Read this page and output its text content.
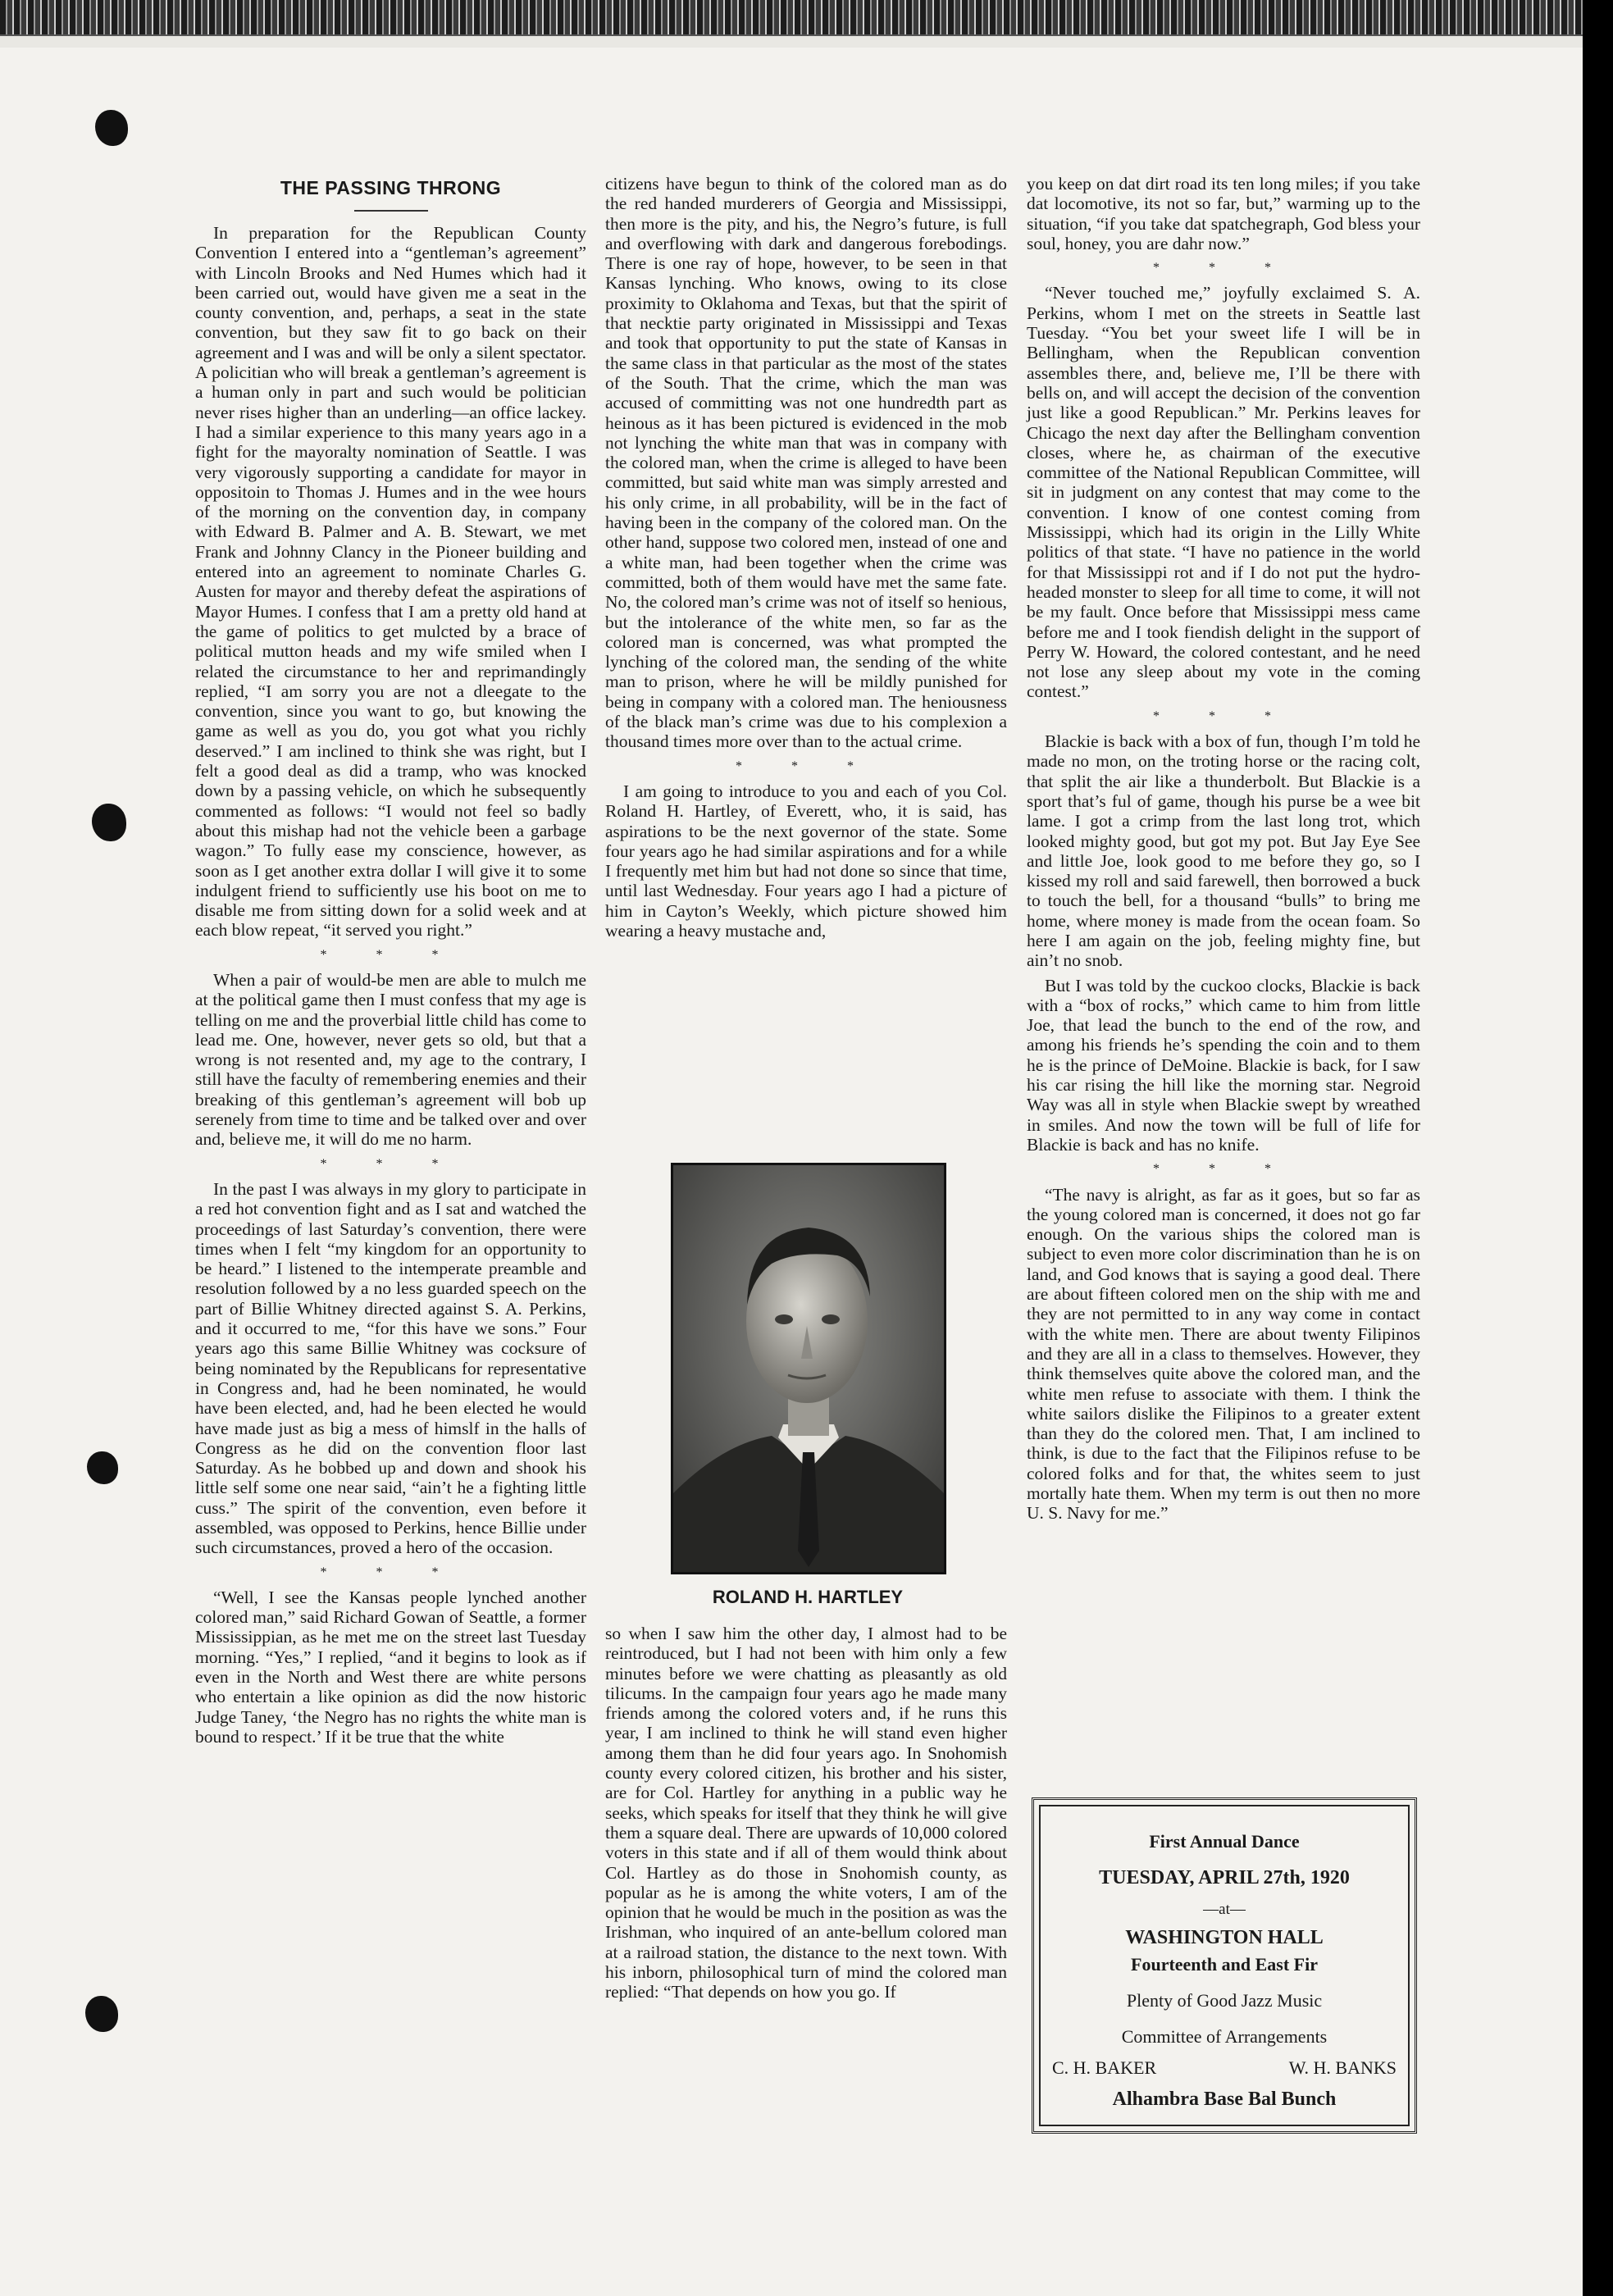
THE PASSING THRONG

In preparation for the Republican County Convention I entered into a “gentleman’s agreement” with Lincoln Brooks and Ned Humes which had it been carried out, would have given me a seat in the county convention, and, perhaps, a seat in the state convention, but they saw fit to go back on their agreement and I was and will be only a silent spectator. A policitian who will break a gentleman’s agreement is a human only in part and such would be politician never rises higher than an underling—an office lackey. I had a similar experience to this many years ago in a fight for the mayoralty nomination of Seattle. I was very vigorously supporting a candidate for mayor in oppositoin to Thomas J. Humes and in the wee hours of the morning on the convention day, in company with Edward B. Palmer and A. B. Stewart, we met Frank and Johnny Clancy in the Pioneer building and entered into an agreement to nominate Charles G. Austen for mayor and thereby defeat the aspirations of Mayor Humes. I confess that I am a pretty old hand at the game of politics to get mulcted by a brace of political mutton heads and my wife smiled when I related the circumstance to her and reprimandingly replied, “I am sorry you are not a dleegate to the convention, since you want to go, but knowing the game as well as you do, you got what you richly deserved.” I am inclined to think she was right, but I felt a good deal as did a tramp, who was knocked down by a passing vehicle, on which he subsequently commented as follows: “I would not feel so badly about this mishap had not the vehicle been a garbage wagon.” To fully ease my conscience, however, as soon as I get another extra dollar I will give it to some indulgent friend to sufficiently use his boot on me to disable me from sitting down for a solid week and at each blow repeat, “it served you right.”

* * *

When a pair of would-be men are able to mulch me at the political game then I must confess that my age is telling on me and the proverbial little child has come to lead me. One, however, never gets so old, but that a wrong is not resented and, my age to the contrary, I still have the faculty of remembering enemies and their breaking of this gentleman’s agreement will bob up serenely from time to time and be talked over and over and, believe me, it will do me no harm.

* * *

In the past I was always in my glory to participate in a red hot convention fight and as I sat and watched the proceedings of last Saturday’s convention, there were times when I felt “my kingdom for an opportunity to be heard.” I listened to the intemperate preamble and resolution followed by a no less guarded speech on the part of Billie Whitney directed against S. A. Perkins, and it occurred to me, “for this have we sons.” Four years ago this same Billie Whitney was cocksure of being nominated by the Republicans for representative in Congress and, had he been nominated, he would have been elected, and, had he been elected he would have made just as big a mess of himslf in the halls of Congress as he did on the convention floor last Saturday. As he bobbed up and down and shook his little self some one near said, “ain’t he a fighting little cuss.” The spirit of the convention, even before it assembled, was opposed to Perkins, hence Billie under such circumstances, proved a hero of the occasion.

* * *

“Well, I see the Kansas people lynched another colored man,” said Richard Gowan of Seattle, a former Mississippian, as he met me on the street last Tuesday morning. “Yes,” I replied, “and it begins to look as if even in the North and West there are white persons who entertain a like opinion as did the now historic Judge Taney, ‘the Negro has no rights the white man is bound to respect.’ If it be true that the white

citizens have begun to think of the colored man as do the red handed murderers of Georgia and Mississippi, then more is the pity, and his, the Negro’s future, is full and overflowing with dark and dangerous forebodings. There is one ray of hope, however, to be seen in that Kansas lynching. Who knows, owing to its close proximity to Oklahoma and Texas, but that the spirit of that necktie party originated in Mississippi and Texas and took that opportunity to put the state of Kansas in the same class in that particular as the most of the states of the South. That the crime, which the man was accused of committing was not one hundredth part as heinous as it has been pictured is evidenced in the mob not lynching the white man that was in company with the colored man, when the crime is alleged to have been committed, but said white man was simply arrested and his only crime, in all probability, will be in the fact of having been in the company of the colored man. On the other hand, suppose two colored men, instead of one and a white man, had been together when the crime was committed, both of them would have met the same fate. No, the colored man’s crime was not of itself so henious, but the intolerance of the white men, so far as the colored man is concerned, was what prompted the lynching of the colored man, the sending of the white man to prison, where he will be mildly punished for being in company with a colored man. The heniousness of the black man’s crime was due to his complexion a thousand times more over than to the actual crime.

* * *

I am going to introduce to you and each of you Col. Roland H. Hartley, of Everett, who, it is said, has aspirations to be the next governor of the state. Some four years ago he had similar aspirations and for a while I frequently met him but had not done so since that time, until last Wednesday. Four years ago I had a picture of him in Cayton’s Weekly, which picture showed him wearing a heavy mustache and,

ROLAND H. HARTLEY

so when I saw him the other day, I almost had to be reintroduced, but I had not been with him only a few minutes before we were chatting as pleasantly as old tilicums. In the campaign four years ago he made many friends among the colored voters and, if he runs this year, I am inclined to think he will stand even higher among them than he did four years ago. In Snohomish county every colored citizen, his brother and his sister, are for Col. Hartley for anything in a public way he seeks, which speaks for itself that they think he will give them a square deal. There are upwards of 10,000 colored voters in this state and if all of them would think about Col. Hartley as do those in Snohomish county, as popular as he is among the white voters, I am of the opinion that he would be much in the position as was the Irishman, who inquired of an ante-bellum colored man at a railroad station, the distance to the next town. With his inborn, philosophical turn of mind the colored man replied: “That depends on how you go. If

you keep on dat dirt road its ten long miles; if you take dat locomotive, its not so far, but,” warming up to the situation, “if you take dat spatchegraph, God bless your soul, honey, you are dahr now.”

* * *

“Never touched me,” joyfully exclaimed S. A. Perkins, whom I met on the streets in Seattle last Tuesday. “You bet your sweet life I will be in Bellingham, when the Republican convention assembles there, and, believe me, I’ll be there with bells on, and will accept the decision of the convention just like a good Republican.” Mr. Perkins leaves for Chicago the next day after the Bellingham convention closes, where he, as chairman of the executive committee of the National Republican Committee, will sit in judgment on any contest that may come to the convention. I know of one contest coming from Mississippi, which had its origin in the Lilly White politics of that state. “I have no patience in the world for that Mississippi rot and if I do not put the hydro-headed monster to sleep for all time to come, it will not be my fault. Once before that Mississippi mess came before me and I took fiendish delight in the support of Perry W. Howard, the colored contestant, and he need not lose any sleep about my vote in the coming contest.”

* * *

Blackie is back with a box of fun, though I’m told he made no mon, on the troting horse or the racing colt, that split the air like a thunderbolt. But Blackie is a sport that’s ful of game, though his purse be a wee bit lame. I got a crimp from the last long trot, which looked mighty good, but got my pot. But Jay Eye See and little Joe, look good to me before they go, so I kissed my roll and said farewell, then borrowed a buck to touch the bell, for a thousand “bulls” to bring me home, where money is made from the ocean foam. So here I am again on the job, feeling mighty fine, but ain’t no snob.

But I was told by the cuckoo clocks, Blackie is back with a “box of rocks,” which came to him from little Joe, that lead the bunch to the end of the row, and among his friends he’s spending the coin and to them he is the prince of DeMoine. Blackie is back, for I saw his car rising the hill like the morning star. Negroid Way was all in style when Blackie swept by wreathed in smiles. And now the town will be full of life for Blackie is back and has no knife.

* * *

“The navy is alright, as far as it goes, but so far as the young colored man is concerned, it does not go far enough. On the various ships the colored man is subject to even more color discrimination than he is on land, and God knows that is saying a good deal. There are about fifteen colored men on the ship with me and they are not permitted to in any way come in contact with the white men. There are about twenty Filipinos and they are all in a class to themselves. However, they think themselves quite above the colored man, and the white men refuse to associate with them. I think the white sailors dislike the Filipinos to a greater extent than they do the colored men. That, I am inclined to think, is due to the fact that the Filipinos refuse to be colored folks and for that, the whites seem to just mortally hate them. When my term is out then no more U. S. Navy for me.”

First Annual Dance

TUESDAY, APRIL 27th, 1920

—at—

WASHINGTON HALL

Fourteenth and East Fir

Plenty of Good Jazz Music

Committee of Arrangements

C. H. BAKER	W. H. BANKS

Alhambra Base Bal Bunch
